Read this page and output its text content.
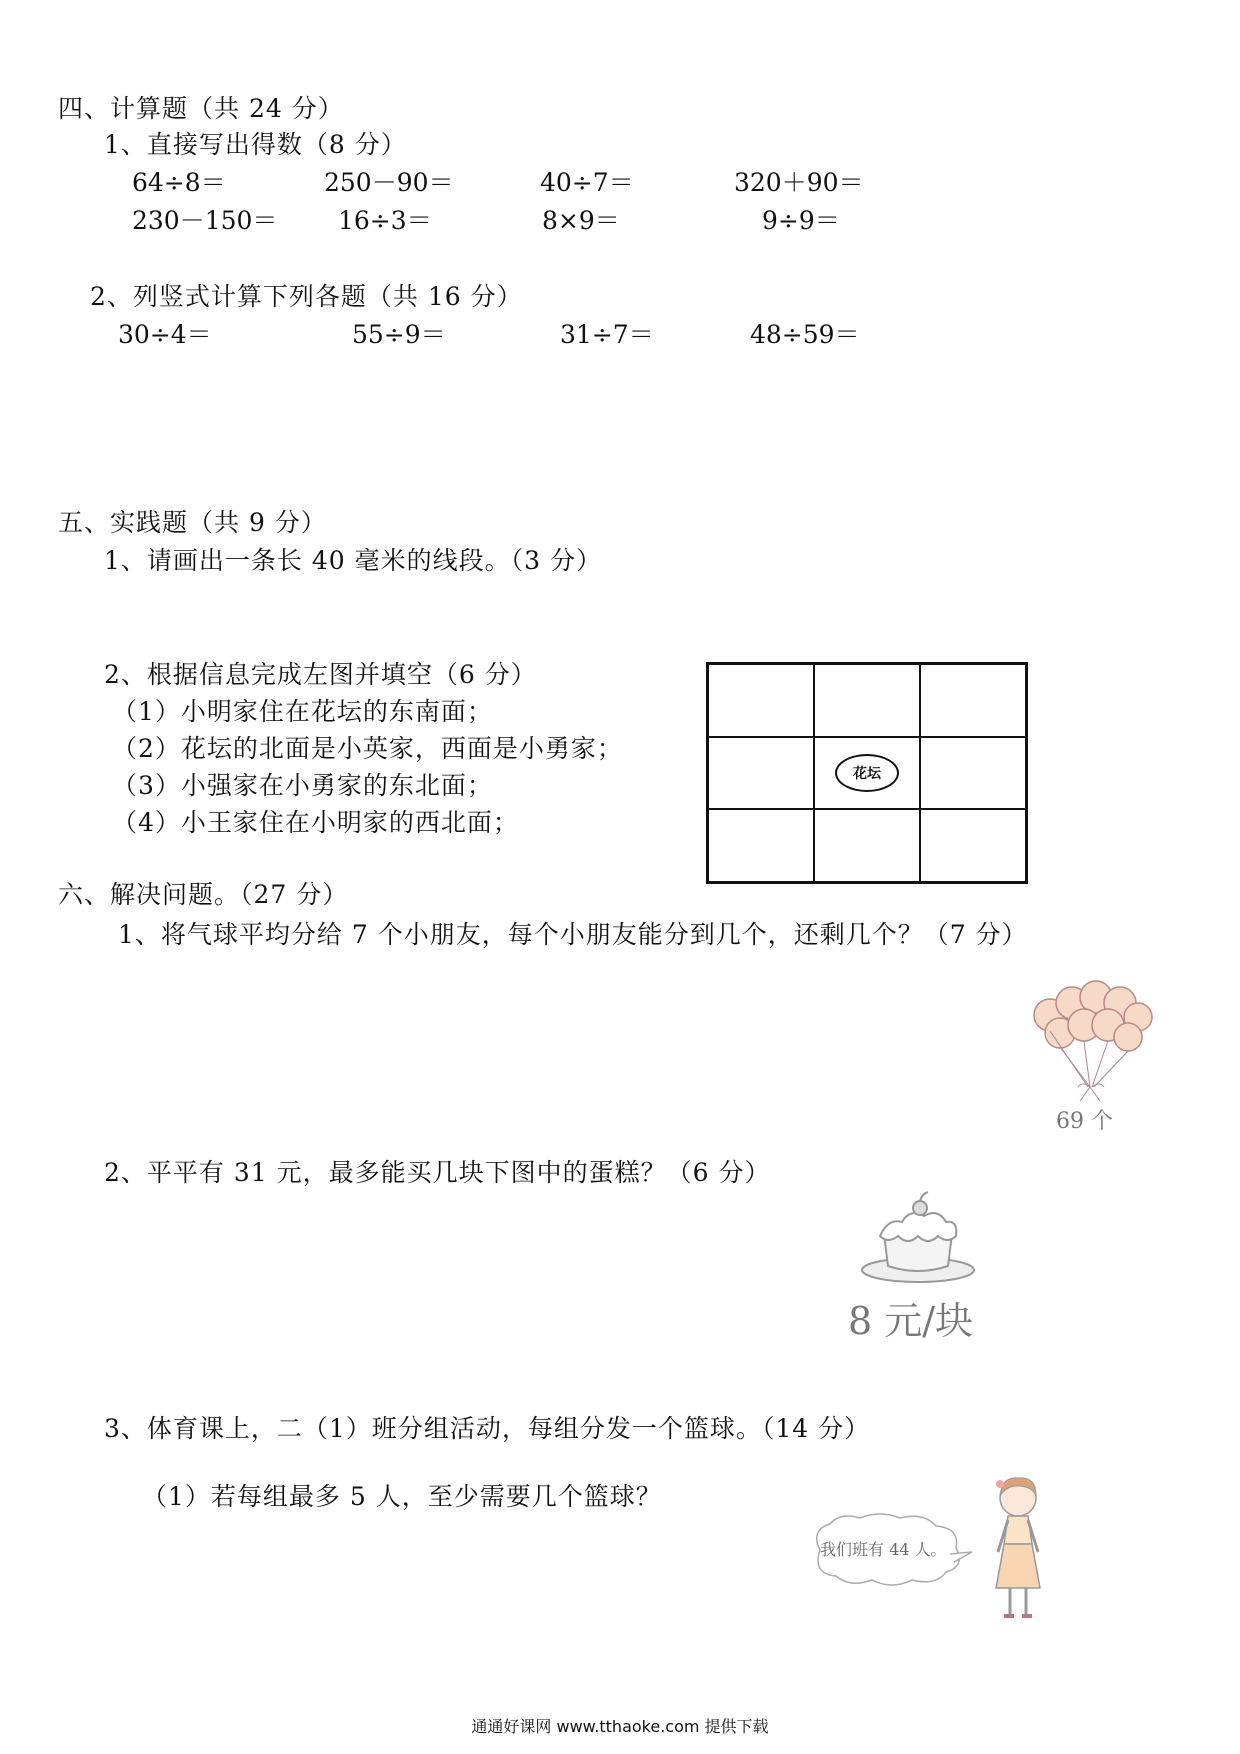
四、计算题（共 24 分）
1、直接写出得数（8 分）
64÷8＝	250－90＝	40÷7＝	320＋90＝
230－150＝ 16÷3＝	8×9＝	9÷9＝
2、列竖式计算下列各题（共 16 分）
30÷4＝	55÷9＝	31÷7＝	48÷59＝
五、实践题（共 9 分）
1、请画出一条长 40 毫米的线段。（3 分）
2、根据信息完成左图并填空（6 分）
（1）小明家住在花坛的东南面；
（2）花坛的北面是小英家，西面是小勇家；
（3）小强家在小勇家的东北面；
（4）小王家住在小明家的西北面；
花坛
六、解决问题。（27 分）
1、将气球平均分给 7 个小朋友，每个小朋友能分到几个，还剩几个？（7 分）
69 个
2、平平有 31 元，最多能买几块下图中的蛋糕？（6 分）
8 元/块
3、体育课上，二（1）班分组活动，每组分发一个篮球。（14 分）
（1）若每组最多 5 人，至少需要几个篮球？
我们班有 44 人。
通通好课网 www.tthaoke.com 提供下载
